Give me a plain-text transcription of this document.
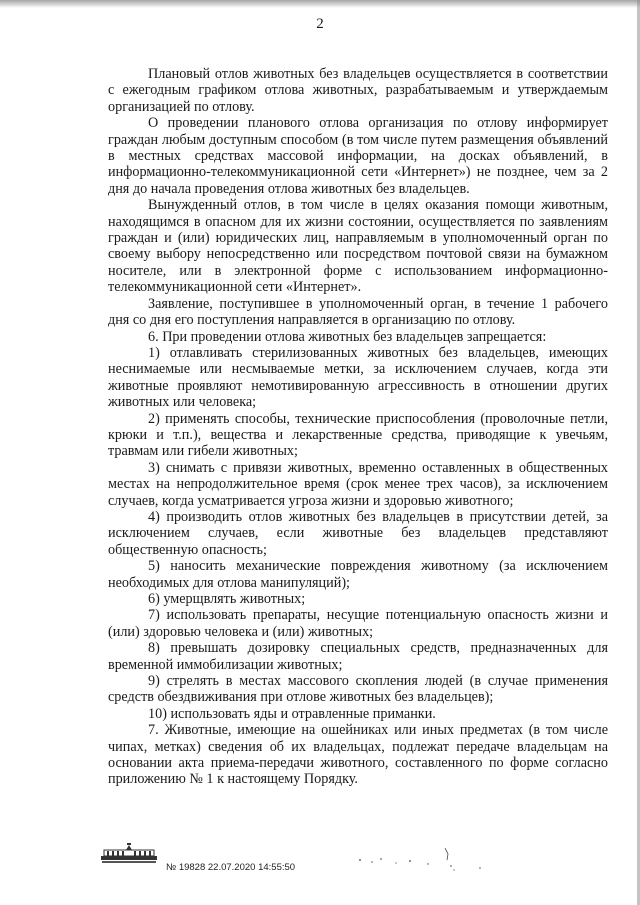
2

Плановый отлов животных без владельцев осуществляется в соответствии с ежегодным графиком отлова животных, разрабатываемым и утверждаемым организацией по отлову.

О проведении планового отлова организация по отлову информирует граждан любым доступным способом (в том числе путем размещения объявлений в местных средствах массовой информации, на досках объявлений, в информационно-телекоммуникационной сети «Интернет») не позднее, чем за 2 дня до начала проведения отлова животных без владельцев.

Вынужденный отлов, в том числе в целях оказания помощи животным, находящимся в опасном для их жизни состоянии, осуществляется по заявлениям граждан и (или) юридических лиц, направляемым в уполномоченный орган по своему выбору непосредственно или посредством почтовой связи на бумажном носителе, или в электронной форме с использованием информационно-телекоммуникационной сети «Интернет».

Заявление, поступившее в уполномоченный орган, в течение 1 рабочего дня со дня его поступления направляется в организацию по отлову.

6. При проведении отлова животных без владельцев запрещается:

1) отлавливать стерилизованных животных без владельцев, имеющих неснимаемые или несмываемые метки, за исключением случаев, когда эти животные проявляют немотивированную агрессивность в отношении других животных или человека;

2) применять способы, технические приспособления (проволочные петли, крюки и т.п.), вещества и лекарственные средства, приводящие к увечьям, травмам или гибели животных;

3) снимать с привязи животных, временно оставленных в общественных местах на непродолжительное время (срок менее трех часов), за исключением случаев, когда усматривается угроза жизни и здоровью животного;

4) производить отлов животных без владельцев в присутствии детей, за исключением случаев, если животные без владельцев представляют общественную опасность;

5) наносить механические повреждения животному (за исключением необходимых для отлова манипуляций);

6) умерщвлять животных;

7) использовать препараты, несущие потенциальную опасность жизни и (или) здоровью человека и (или) животных;

8) превышать дозировку специальных средств, предназначенных для временной иммобилизации животных;

9) стрелять в местах массового скопления людей (в случае применения средств обездвиживания при отлове животных без владельцев);

10) использовать яды и отравленные приманки.

7. Животные, имеющие на ошейниках или иных предметах (в том числе чипах, метках) сведения об их владельцах, подлежат передаче владельцам на основании акта приема-передачи животного, составленного по форме согласно приложению № 1 к настоящему Порядку.

№ 19828 22.07.2020 14:55:50
